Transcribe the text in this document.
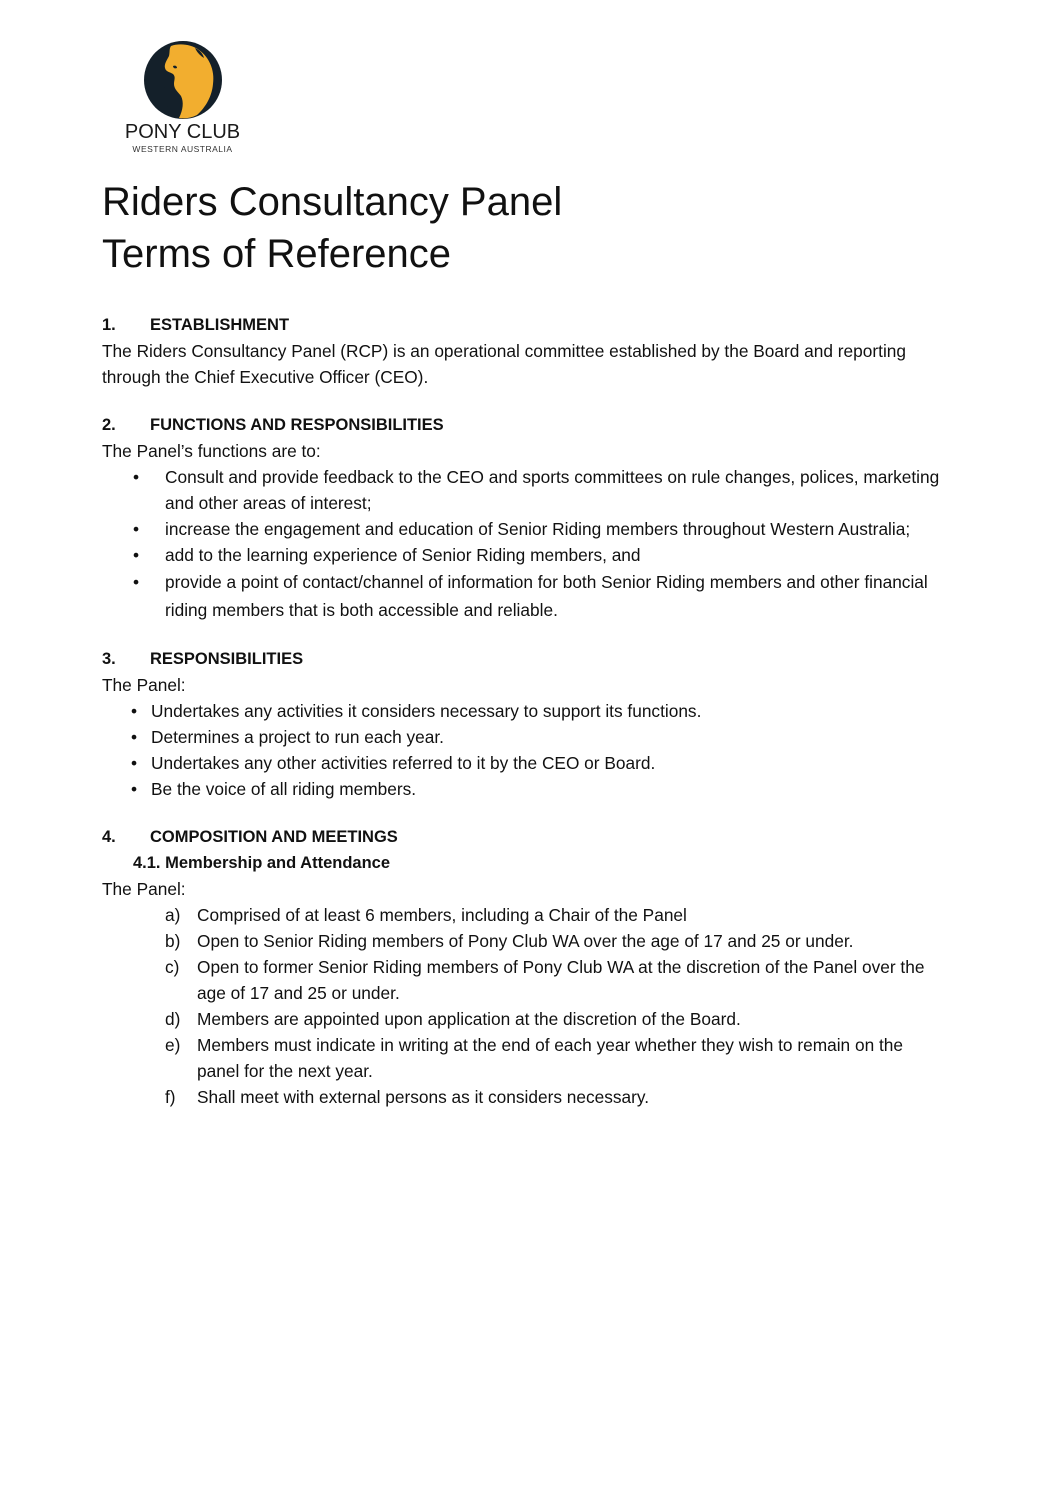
PONY CLUB
WESTERN AUSTRALIA
Riders Consultancy Panel
Terms of Reference
1.	ESTABLISHMENT
The Riders Consultancy Panel (RCP) is an operational committee established by the Board and reporting through the Chief Executive Officer (CEO).
2.	FUNCTIONS AND RESPONSIBILITIES
The Panel’s functions are to:
• Consult and provide feedback to the CEO and sports committees on rule changes, polices, marketing and other areas of interest;
• increase the engagement and education of Senior Riding members throughout Western Australia;
• add to the learning experience of Senior Riding members, and
• provide a point of contact/channel of information for both Senior Riding members and other financial riding members that is both accessible and reliable.
3.	RESPONSIBILITIES
The Panel:
• Undertakes any activities it considers necessary to support its functions.
• Determines a project to run each year.
• Undertakes any other activities referred to it by the CEO or Board.
• Be the voice of all riding members.
4.	COMPOSITION AND MEETINGS
4.1. Membership and Attendance
The Panel:
a) Comprised of at least 6 members, including a Chair of the Panel
b) Open to Senior Riding members of Pony Club WA over the age of 17 and 25 or under.
c) Open to former Senior Riding members of Pony Club WA at the discretion of the Panel over the age of 17 and 25 or under.
d) Members are appointed upon application at the discretion of the Board.
e) Members must indicate in writing at the end of each year whether they wish to remain on the panel for the next year.
f) Shall meet with external persons as it considers necessary.
